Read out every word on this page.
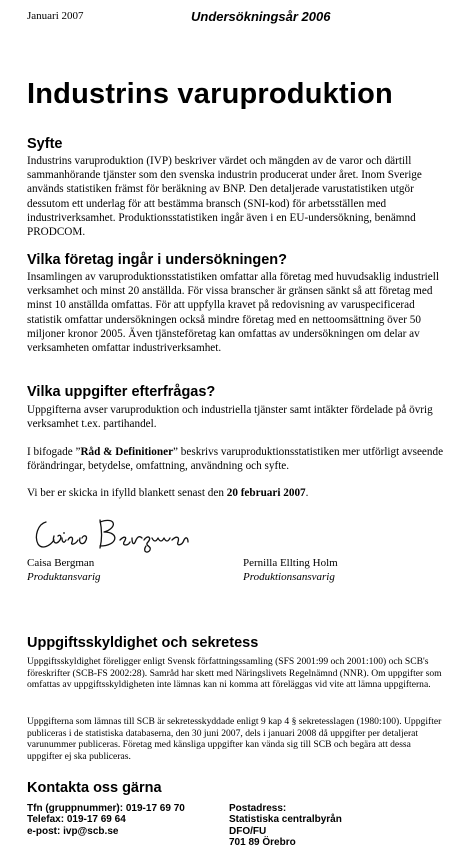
Januari 2007	Undersökningsår 2006
Industrins varuproduktion
Syfte
Industrins varuproduktion (IVP) beskriver värdet och mängden av de varor och därtill sammanhörande tjänster som den svenska industrin producerat under året. Inom Sverige används statistiken främst för beräkning av BNP. Den detaljerade varustatistiken utgör dessutom ett underlag för att bestämma bransch (SNI-kod) för arbetsställen med industriverksamhet. Produktionsstatistiken ingår även i en EU-undersökning, benämnd PRODCOM.
Vilka företag ingår i undersökningen?
Insamlingen av varuproduktionsstatistiken omfattar alla företag med huvudsaklig industriell verksamhet och minst 20 anställda. För vissa branscher är gränsen sänkt så att företag med minst 10 anställda omfattas. För att uppfylla kravet på redovisning av varuspecificerad statistik omfattar undersökningen också mindre företag med en nettoomsättning över 50 miljoner kronor 2005. Även tjänsteföretag kan omfattas av undersökningen om delar av verksamheten omfattar industriverksamhet.
Vilka uppgifter efterfrågas?
Uppgifterna avser varuproduktion och industriella tjänster samt intäkter fördelade på övrig verksamhet t.ex. partihandel.
I bifogade ”Råd & Definitioner” beskrivs varuproduktionsstatistiken mer utförligt avseende förändringar, betydelse, omfattning, användning och syfte.
Vi ber er skicka in ifylld blankett senast den 20 februari 2007.
Caisa Bergman
Produktansvarig
Pernilla Ellting Holm
Produktionsansvarig
Uppgiftsskyldighet och sekretess
Uppgiftsskyldighet föreligger enligt Svensk författningssamling (SFS 2001:99 och 2001:100) och SCB's föreskrifter (SCB-FS 2002:28). Samråd har skett med Näringslivets Regelnämnd (NNR). Om uppgifter som omfattas av uppgiftsskyldigheten inte lämnas kan ni komma att föreläggas vid vite att lämna uppgifterna.
Uppgifterna som lämnas till SCB är sekretesskyddade enligt 9 kap 4 § sekretesslagen (1980:100). Uppgifter publiceras i de statistiska databaserna, den 30 juni 2007, dels i januari 2008 då uppgifter per detaljerat varunummer publiceras. Företag med känsliga uppgifter kan vända sig till SCB och begära att dessa uppgifter ej ska publiceras.
Kontakta oss gärna
Tfn (gruppnummer): 019-17 69 70
Telefax: 019-17 69 64
e-post: ivp@scb.se
Postadress:
Statistiska centralbyrån
DFO/FU
701 89 Örebro
